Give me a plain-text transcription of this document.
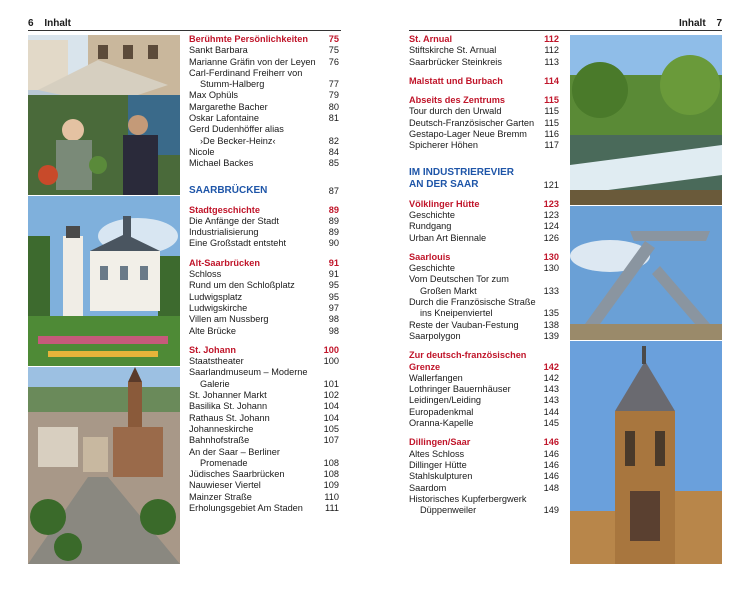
6 Inhalt
Berühmte Persönlichkeiten	75
Sankt Barbara	75
Marianne Gräfin von der Leyen	76
Carl-Ferdinand Freiherr von
Stumm-Halberg	77
Max Ophüls	79
Margarethe Bacher	80
Oskar Lafontaine	81
Gerd Dudenhöffer alias
›De Becker-Heinz‹	82
Nicole	84
Michael Backes	85
SAARBRÜCKEN	87
Stadtgeschichte	89
Die Anfänge der Stadt	89
Industrialisierung	89
Eine Großstadt entsteht	90
Alt-Saarbrücken	91
Schloss	91
Rund um den Schloßplatz	95
Ludwigsplatz	95
Ludwigskirche	97
Villen am Nussberg	98
Alte Brücke	98
St. Johann	100
Staatstheater	100
Saarlandmuseum – Moderne
Galerie	101
St. Johanner Markt	102
Basilika St. Johann	104
Rathaus St. Johann	104
Johanneskirche	105
Bahnhofstraße	107
An der Saar – Berliner
Promenade	108
Jüdisches Saarbrücken	108
Nauwieser Viertel	109
Mainzer Straße	110
Erholungsgebiet Am Staden	111
Inhalt 7
St. Arnual	112
Stiftskirche St. Arnual	112
Saarbrücker Steinkreis	113
Malstatt und Burbach	114
Abseits des Zentrums	115
Tour durch den Urwald	115
Deutsch-Französischer Garten	115
Gestapo-Lager Neue Bremm	116
Spicherer Höhen	117
IM INDUSTRIEREVIER
AN DER SAAR	121
Völklinger Hütte	123
Geschichte	123
Rundgang	124
Urban Art Biennale	126
Saarlouis	130
Geschichte	130
Vom Deutschen Tor zum
Großen Markt	133
Durch die Französische Straße
ins Kneipenviertel	135
Reste der Vauban-Festung	138
Saarpolygon	139
Zur deutsch-französischen
Grenze	142
Wallerfangen	142
Lothringer Bauernhäuser	143
Leidingen/Leiding	143
Europadenkmal	144
Oranna-Kapelle	145
Dillingen/Saar	146
Altes Schloss	146
Dillinger Hütte	146
Stahlskulpturen	146
Saardom	148
Historisches Kupferbergwerk
Düppenweiler	149
